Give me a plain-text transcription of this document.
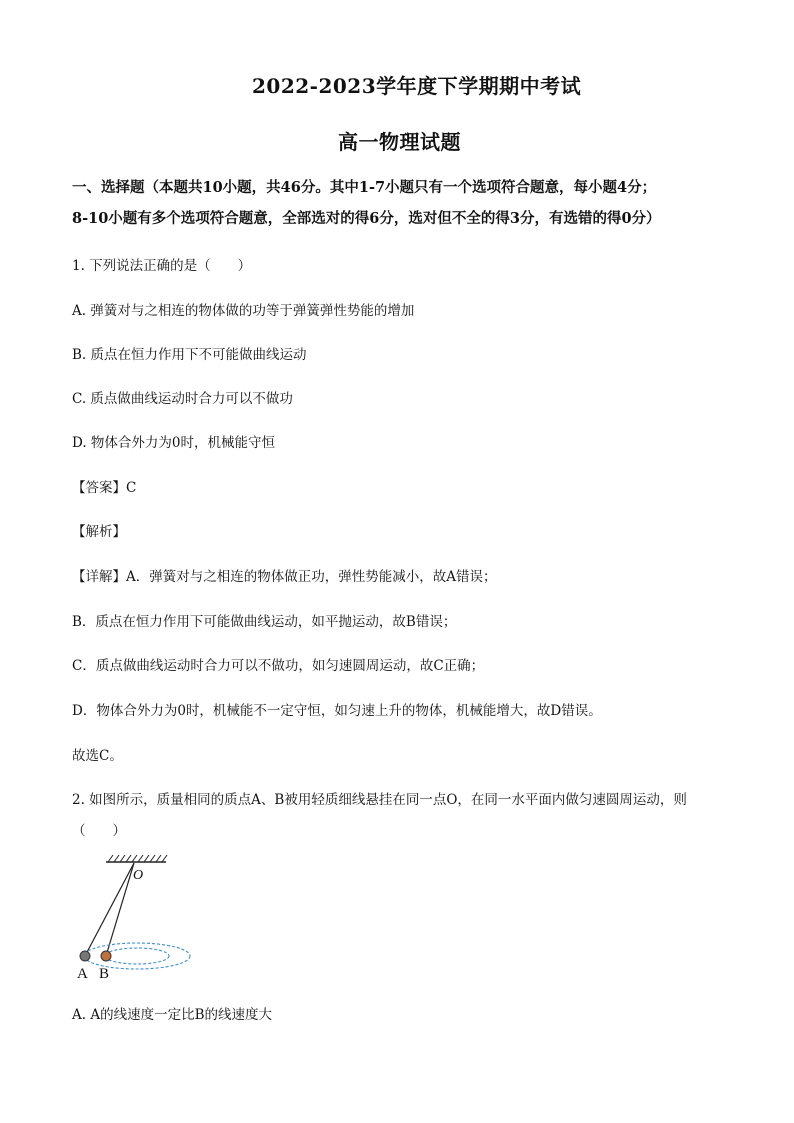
2022-2023学年度下学期期中考试
高一物理试题
一、选择题（本题共10小题，共46分。其中1-7小题只有一个选项符合题意，每小题4分；
8-10小题有多个选项符合题意，全部选对的得6分，选对但不全的得3分，有选错的得0分）
1. 下列说法正确的是（　　）
A. 弹簧对与之相连的物体做的功等于弹簧弹性势能的增加
B. 质点在恒力作用下不可能做曲线运动
C. 质点做曲线运动时合力可以不做功
D. 物体合外力为0时，机械能守恒
【答案】C
【解析】
【详解】A．弹簧对与之相连的物体做正功，弹性势能减小，故A错误；
B．质点在恒力作用下可能做曲线运动，如平抛运动，故B错误；
C．质点做曲线运动时合力可以不做功，如匀速圆周运动，故C正确；
D．物体合外力为0时，机械能不一定守恒，如匀速上升的物体，机械能增大，故D错误。
故选C。
2. 如图所示，质量相同的质点A、B被用轻质细线悬挂在同一点O，在同一水平面内做匀速圆周运动，则
（　　）
O
A B
A. A的线速度一定比B的线速度大
